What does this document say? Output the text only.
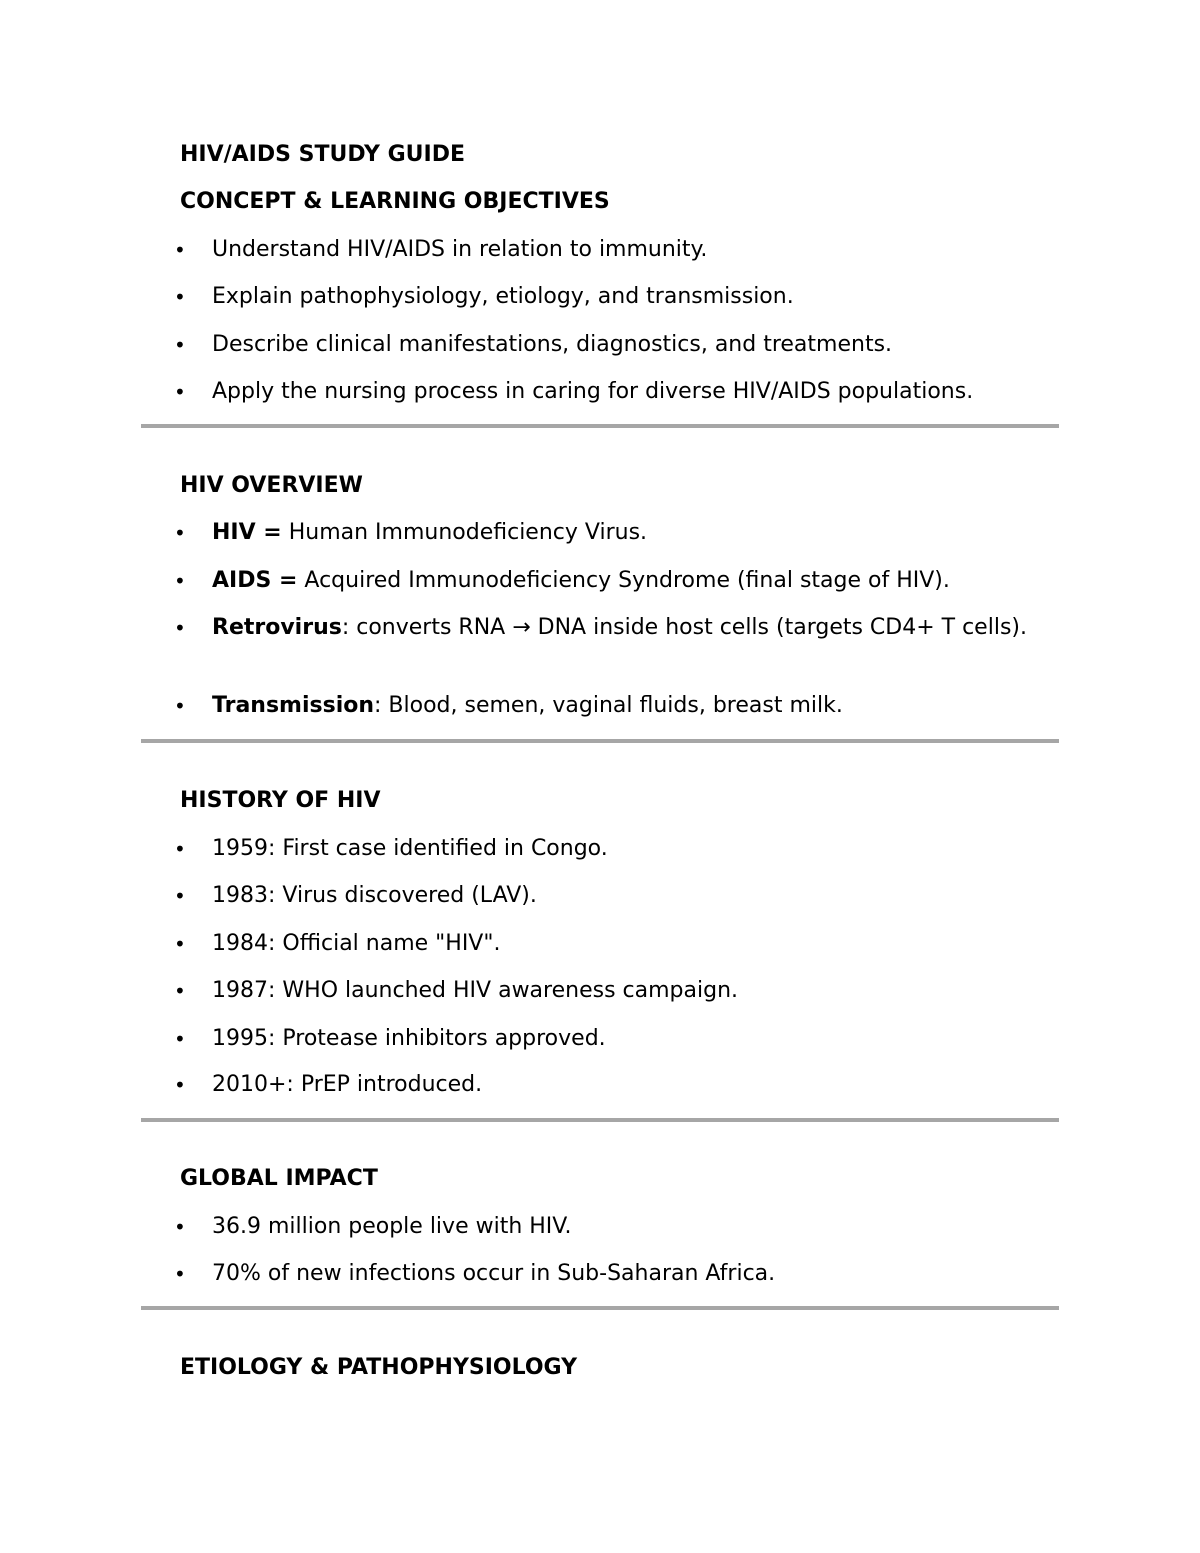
HIV/AIDS STUDY GUIDE
CONCEPT & LEARNING OBJECTIVES
• Understand HIV/AIDS in relation to immunity.
• Explain pathophysiology, etiology, and transmission.
• Describe clinical manifestations, diagnostics, and treatments.
• Apply the nursing process in caring for diverse HIV/AIDS populations.
HIV OVERVIEW
• HIV = Human Immunodeficiency Virus.
• AIDS = Acquired Immunodeficiency Syndrome (final stage of HIV).
• Retrovirus: converts RNA → DNA inside host cells (targets CD4+ T cells).
• Transmission: Blood, semen, vaginal fluids, breast milk.
HISTORY OF HIV
• 1959: First case identified in Congo.
• 1983: Virus discovered (LAV).
• 1984: Official name "HIV".
• 1987: WHO launched HIV awareness campaign.
• 1995: Protease inhibitors approved.
• 2010+: PrEP introduced.
GLOBAL IMPACT
• 36.9 million people live with HIV.
• 70% of new infections occur in Sub-Saharan Africa.
ETIOLOGY & PATHOPHYSIOLOGY
